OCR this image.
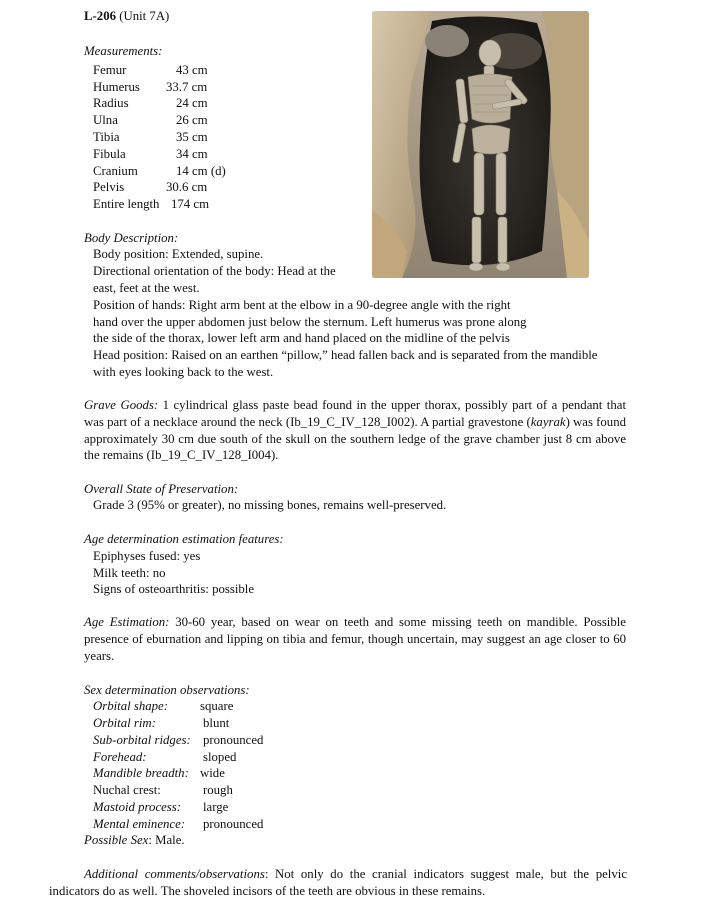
L-206 (Unit 7A)
Measurements:
Femur	43 cm
Humerus 33.7 cm
Radius	24 cm
Ulna	26 cm
Tibia	35 cm
Fibula	34 cm
Cranium	14 cm (d)
Pelvis	30.6 cm
Entire length 174 cm
Body Description:
Body position: Extended, supine.
Directional orientation of the body: Head at the
east, feet at the west.
Position of hands: Right arm bent at the elbow in a 90-degree angle with the right
hand over the upper abdomen just below the sternum. Left humerus was prone along
the side of the thorax, lower left arm and hand placed on the midline of the pelvis
Head position: Raised on an earthen “pillow,” head fallen back and is separated from the mandible
with eyes looking back to the west.
Grave Goods: 1 cylindrical glass paste bead found in the upper thorax, possibly part of a pendant that was part of a necklace around the neck (Ib_19_C_IV_128_I002). A partial gravestone (kayrak) was found approximately 30 cm due south of the skull on the southern ledge of the grave chamber just 8 cm above the remains (Ib_19_C_IV_128_I004).
Overall State of Preservation:
Grade 3 (95% or greater), no missing bones, remains well-preserved.
Age determination estimation features:
Epiphyses fused: yes
Milk teeth: no
Signs of osteoarthritis: possible
Age Estimation: 30-60 year, based on wear on teeth and some missing teeth on mandible. Possible presence of eburnation and lipping on tibia and femur, though uncertain, may suggest an age closer to 60 years.
Sex determination observations:
Orbital shape: square
Orbital rim:	blunt
Sub-orbital ridges: pronounced
Forehead:	sloped
Mandible breadth: wide
Nuchal crest:	rough
Mastoid process: large
Mental eminence: pronounced
Possible Sex: Male.
Additional comments/observations: Not only do the cranial indicators suggest male, but the pelvic indicators do as well. The shoveled incisors of the teeth are obvious in these remains.
